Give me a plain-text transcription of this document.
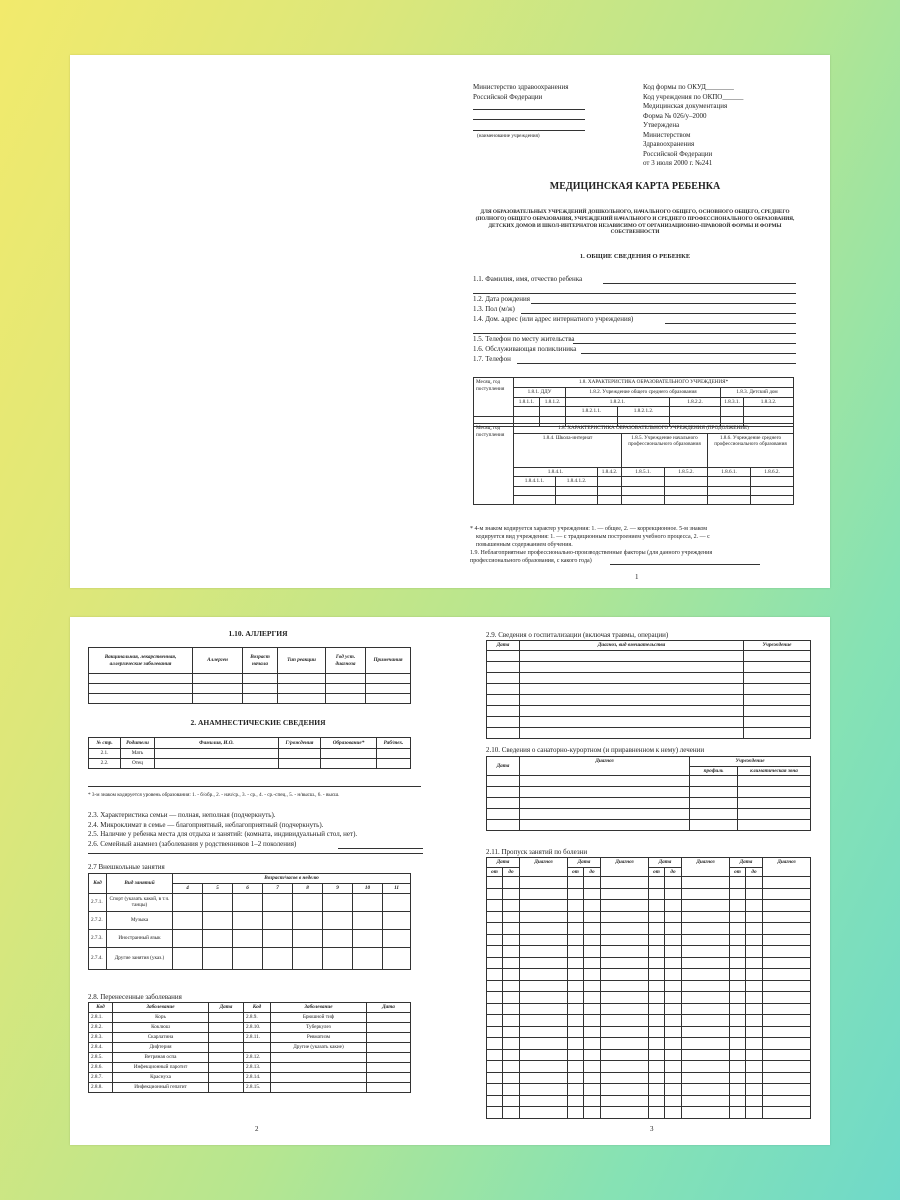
Министерство здравоохранения
Российской Федерации
(наименование учреждения)
Код формы по ОКУД________
Код учреждения по ОКПО______
Медицинская документация
Форма № 026/у–2000
Утверждена
Министерством
Здравоохранения
Российской Федерации
от 3 июля 2000 г. №241
МЕДИЦИНСКАЯ КАРТА РЕБЕНКА
ДЛЯ ОБРАЗОВАТЕЛЬНЫХ УЧРЕЖДЕНИЙ ДОШКОЛЬНОГО, НАЧАЛЬНОГО ОБЩЕГО, ОСНОВНОГО ОБЩЕГО, СРЕДНЕГО (ПОЛНОГО) ОБЩЕГО ОБРАЗОВАНИЯ, УЧРЕЖДЕНИЙ НАЧАЛЬНОГО И СРЕДНЕГО ПРОФЕССИОНАЛЬНОГО ОБРАЗОВАНИЯ, ДЕТСКИХ ДОМОВ И ШКОЛ-ИНТЕРНАТОВ НЕЗАВИСИМО ОТ ОРГАНИЗАЦИОННО-ПРАВОВОЙ ФОРМЫ И ФОРМЫ СОБСТВЕННОСТИ
1. ОБЩИЕ СВЕДЕНИЯ О РЕБЕНКЕ
1.1. Фамилия, имя, отчество ребенка
1.2. Дата рождения
1.3. Пол (м/ж)
1.4. Дом. адрес (или адрес интернатного учреждения)
1.5. Телефон по месту жительства
1.6. Обслуживающая поликлиника
1.7. Телефон
Месяц, год поступления	1.8. ХАРАКТЕРИСТИКА ОБРАЗОВАТЕЛЬНОГО УЧРЕЖДЕНИЯ*						
	1.8.1. ДДУ		1.8.2. Учреждение общего среднего образования			1.8.3. Детский дом	
	1.8.1.1.	1.8.1.2.	1.8.2.1.		1.8.2.2.	1.8.3.1.	1.8.3.2.
			1.8.2.1.1.	1.8.2.1.2.			

Месяц, год поступления	1.8. ХАРАКТЕРИСТИКА ОБРАЗОВАТЕЛЬНОГО УЧРЕЖДЕНИЯ (ПРОДОЛЖЕНИЕ)						
	1.8.4. Школа-интернат			1.8.5. Учреждение начального профессионального образования		1.8.6. Учреждение среднего профессионального образования	
	1.8.4.1.		1.8.4.2.	1.8.5.1.	1.8.5.2.	1.8.6.1.	1.8.6.2.
	1.8.4.1.1.	1.8.4.1.2.					

* 4-м знаком кодируется характер учреждения: 1. — общее, 2. — коррекционное. 5-м знаком
кодируется вид учреждения: 1. — с традиционным построением учебного процесса, 2. — с
повышенным содержанием обучения.
1.9. Неблагоприятные профессионально-производственные факторы (для данного учреждения
профессионального образования, с какого года)
1
1.10. АЛЛЕРГИЯ
Вакцинальная, лекарственная, аллергические заболевания	Аллерген	Возраст начала	Тип реакции	Год уст. диагноза	Примечания

2. АНАМНЕСТИЧЕСКИЕ СВЕДЕНИЯ
№ стр.	Родители	Фамилия, И.О.	Г/рождения	Образование*	Раб/тех.
2.1.	Мать				
2.2.	Отец				
* 3-м знаком кодируется уровень образования: 1. - б/обр., 2. - нач/ср., 3. - ср., 4. - ср.-спец., 5. - н/высш., 6. - высш.
2.3. Характеристика семьи — полная, неполная (подчеркнуть).
2.4. Микроклимат в семье — благоприятный, неблагоприятный (подчеркнуть).
2.5. Наличие у ребенка места для отдыха и занятий: (комната, индивидуальный стол, нет).
2.6. Семейный анамнез (заболевания у родственников 1–2 поколения)
2.7 Внешкольные занятия
Код	Вид занятий	Возраст/часов в неделю							
		4	5	6	7	8	9	10	11
2.7.1.	Спорт (указать какой, в т.ч. танцы)								
2.7.2.	Музыка								
2.7.3.	Иностранный язык								
2.7.4.	Другие занятия (указ.)								
2.8. Перенесенные заболевания
Код	Заболевание	Дата	Код	Заболевание	Дата
2.8.1.	Корь		2.8.9.	Брюшной тиф	
2.8.2.	Коклюш		2.8.10.	Туберкулез	
2.8.3.	Скарлатина		2.8.11.	Ревматизм	
2.8.4.	Дифтерия			Другие (указать какие)	
2.8.5.	Ветряная оспа		2.8.12.		
2.8.6.	Инфекционный паротит		2.8.13.		
2.8.7.	Краснуха		2.8.14.		
2.8.8.	Инфекционный гепатит		2.8.15.		
2
2.9. Сведения о госпитализации (включая травмы, операции)
Дата	Диагноз, вид вмешательства	Учреждение

2.10. Сведения о санаторно-курортном (и приравненном к нему) лечении
Дата	Диагноз	Учреждение	
		профиль	климатическая зона

2.11. Пропуск занятий по болезни
Дата		Диагноз	Дата		Диагноз	Дата		Диагноз	Дата		Диагноз
от	до		от	до		от	до		от	до	

3
